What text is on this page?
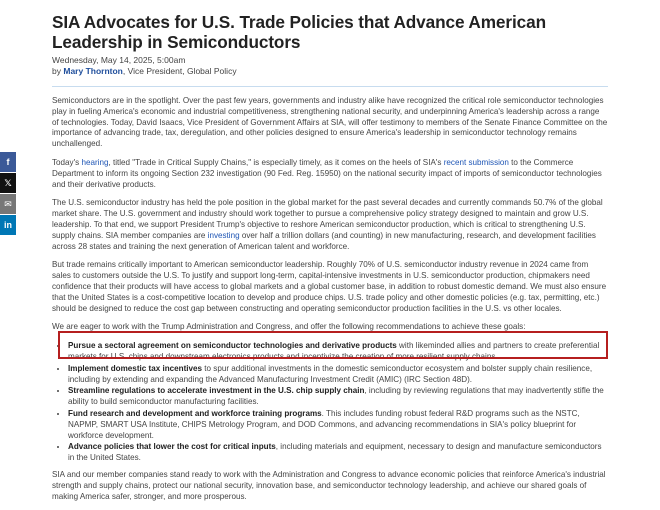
f
𝕏
✉
in
SIA Advocates for U.S. Trade Policies that Advance American Leadership in Semiconductors
Wednesday, May 14, 2025, 5:00am
by Mary Thornton, Vice President, Global Policy

Semiconductors are in the spotlight. Over the past few years, governments and industry alike have recognized the critical role semiconductor technologies play in fueling America's economic and industrial competitiveness, strengthening national security, and underpinning America's leadership across a range of technologies. Today, David Isaacs, Vice President of Government Affairs at SIA, will offer testimony to members of the Senate Finance Committee on the importance of advancing trade, tax, deregulation, and other policies designed to ensure America's leadership in semiconductor technology remains unchallenged.

Today's hearing, titled "Trade in Critical Supply Chains," is especially timely, as it comes on the heels of SIA's recent submission to the Commerce Department to inform its ongoing Section 232 investigation (90 Fed. Reg. 15950) on the national security impact of imports of semiconductor technologies and their derivative products.

The U.S. semiconductor industry has held the pole position in the global market for the past several decades and currently commands 50.7% of the global market share. The U.S. government and industry should work together to pursue a comprehensive policy strategy designed to maintain and grow U.S. leadership. To that end, we support President Trump's objective to reshore American semiconductor production, which is critical to strengthening U.S. supply chains. SIA member companies are investing over half a trillion dollars (and counting) in new manufacturing, research, and development facilities across 28 states and training the next generation of American talent and workforce.

But trade remains critically important to American semiconductor leadership. Roughly 70% of U.S. semiconductor industry revenue in 2024 came from sales to customers outside the U.S. To justify and support long-term, capital-intensive investments in U.S. semiconductor production, chipmakers need confidence that their products will have access to global markets and a global customer base, in addition to robust domestic demand. We must also ensure that the United States is a cost-competitive location to develop and produce chips. U.S. trade policy and other domestic policies (e.g. tax, permitting, etc.) should be designed to reduce the cost gap between constructing and operating semiconductor production facilities in the U.S. vs other locales.

We are eager to work with the Trump Administration and Congress, and offer the following recommendations to achieve these goals:

• Pursue a sectoral agreement on semiconductor technologies and derivative products with likeminded allies and partners to create preferential markets for U.S. chips and downstream electronics products and incentivize the creation of more resilient supply chains.
• Implement domestic tax incentives to spur additional investments in the domestic semiconductor ecosystem and bolster supply chain resilience, including by extending and expanding the Advanced Manufacturing Investment Credit (AMIC) (IRC Section 48D).
• Streamline regulations to accelerate investment in the U.S. chip supply chain, including by reviewing regulations that may inadvertently stifle the ability to build semiconductor manufacturing facilities.
• Fund research and development and workforce training programs. This includes funding robust federal R&D programs such as the NSTC, NAPMP, SMART USA Institute, CHIPS Metrology Program, and DOD Commons, and advancing recommendations in SIA's policy blueprint for workforce development.
• Advance policies that lower the cost for critical inputs, including materials and equipment, necessary to design and manufacture semiconductors in the United States.

SIA and our member companies stand ready to work with the Administration and Congress to advance economic policies that reinforce America's industrial strength and supply chains, protect our national security, innovation base, and semiconductor technology leadership, and achieve our shared goals of making America safer, stronger, and more prosperous.
